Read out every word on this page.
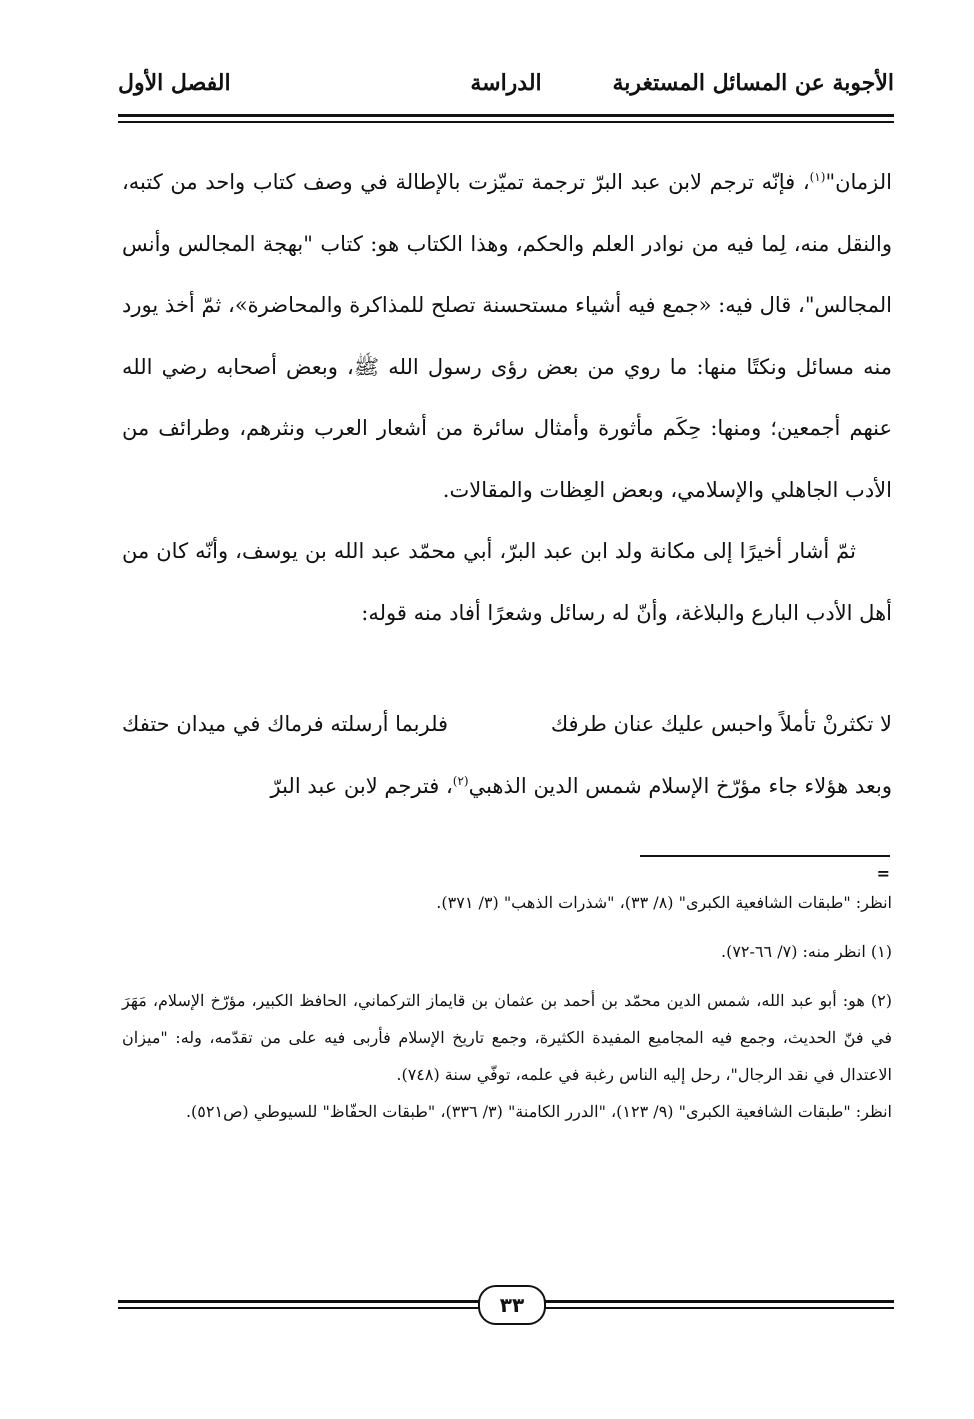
الأجوبة عن المسائل المستغربة
الدراسة
الفصل الأول

الزمان"$^{(١)}$، فإنّه ترجم لابن عبد البرّ ترجمة تميّزت بالإطالة في وصف كتاب واحد من كتبه، والنقل منه، لِما فيه من نوادر العلم والحكم، وهذا الكتاب هو: كتاب "بهجة المجالس وأنس المجالس"، قال فيه: «جمع فيه أشياء مستحسنة تصلح للمذاكرة والمحاضرة»، ثمّ أخذ يورد منه مسائل ونكتًا منها: ما روي من بعض رؤى رسول الله ﷺ، وبعض أصحابه رضي الله عنهم أجمعين؛ ومنها: حِكَم مأثورة وأمثال سائرة من أشعار العرب ونثرهم، وطرائف من الأدب الجاهلي والإسلامي، وبعض العِظات والمقالات.

ثمّ أشار أخيرًا إلى مكانة ولد ابن عبد البرّ، أبي محمّد عبد الله بن يوسف، وأنّه كان من أهل الأدب البارع والبلاغة، وأنّ له رسائل وشعرًا أفاد منه قوله:

لا تكثرنْ تأملاً واحبس عليك عنان طرفك
فلربما أرسلته فرماك في ميدان حتفك
وبعد هؤلاء جاء مؤرّخ الإسلام شمس الدين الذهبي$^{(٢)}$، فترجم لابن عبد البرّ
=

انظر: "طبقات الشافعية الكبرى" (٨/ ٣٣)، "شذرات الذهب" (٣/ ٣٧١).

(١) انظر منه: (٧/ ٦٦-٧٢).

(٢) هو: أبو عبد الله، شمس الدين محمّد بن أحمد بن عثمان بن قايماز التركماني، الحافظ الكبير، مؤرّخ الإسلام، مَهَرَ في فنّ الحديث، وجمع فيه المجاميع المفيدة الكثيرة، وجمع تاريخ الإسلام فأربى فيه على من تقدّمه، وله: "ميزان الاعتدال في نقد الرجال"، رحل إليه الناس رغبة في علمه، توفّي سنة (٧٤٨).

انظر: "طبقات الشافعية الكبرى" (٩/ ١٢٣)، "الدرر الكامنة" (٣/ ٣٣٦)، "طبقات الحفّاظ" للسيوطي (ص٥٢١).

٣٣
